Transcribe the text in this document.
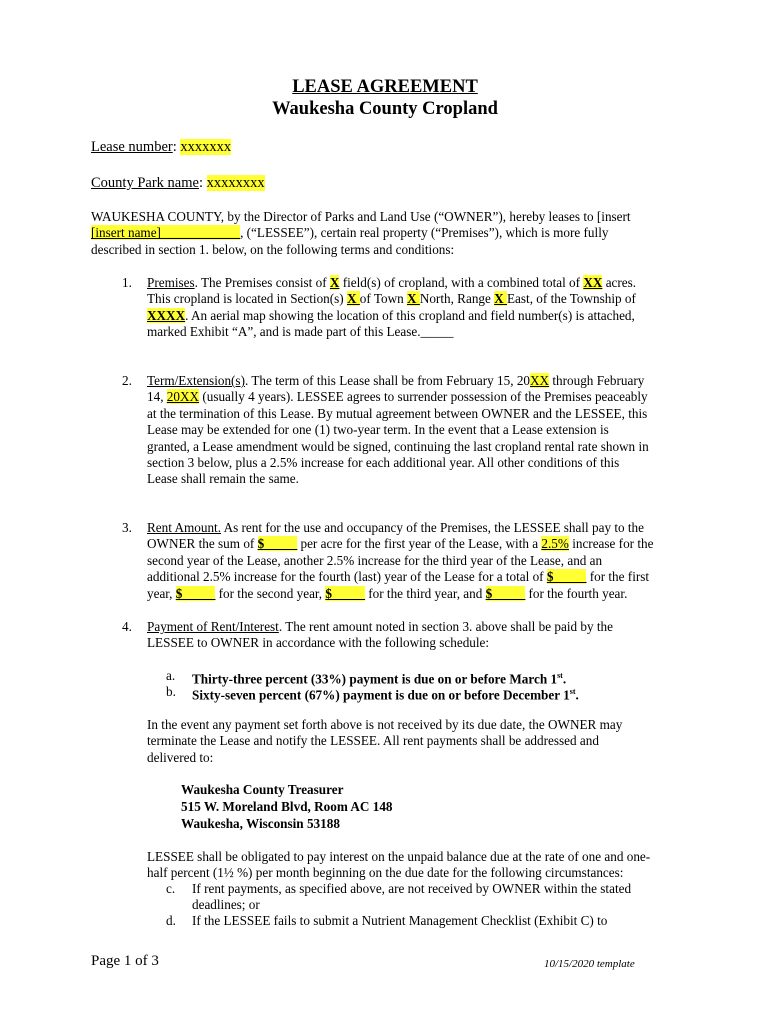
LEASE AGREEMENT
Waukesha County Cropland
Lease number: xxxxxxx
County Park name: xxxxxxxx
WAUKESHA COUNTY, by the Director of Parks and Land Use (“OWNER”), hereby leases to [insert
[insert name]____________, (“LESSEE”), certain real property (“Premises”), which is more fully
described in section 1. below, on the following terms and conditions:
1. Premises. The Premises consist of X field(s) of cropland, with a combined total of XX acres.
This cropland is located in Section(s) X of Town X North, Range X East, of the Township of
XXXX. An aerial map showing the location of this cropland and field number(s) is attached,
marked Exhibit “A”, and is made part of this Lease._____
2. Term/Extension(s). The term of this Lease shall be from February 15, 20XX through February
14, 20XX (usually 4 years). LESSEE agrees to surrender possession of the Premises peaceably
at the termination of this Lease. By mutual agreement between OWNER and the LESSEE, this
Lease may be extended for one (1) two-year term. In the event that a Lease extension is
granted, a Lease amendment would be signed, continuing the last cropland rental rate shown in
section 3 below, plus a 2.5% increase for each additional year. All other conditions of this
Lease shall remain the same.
3. Rent Amount. As rent for the use and occupancy of the Premises, the LESSEE shall pay to the
OWNER the sum of $_____ per acre for the first year of the Lease, with a 2.5% increase for the
second year of the Lease, another 2.5% increase for the third year of the Lease, and an
additional 2.5% increase for the fourth (last) year of the Lease for a total of $_____ for the first
year, $_____ for the second year, $_____ for the third year, and $_____ for the fourth year.
4. Payment of Rent/Interest. The rent amount noted in section 3. above shall be paid by the
LESSEE to OWNER in accordance with the following schedule:
a. Thirty-three percent (33%) payment is due on or before March 1st.
b. Sixty-seven percent (67%) payment is due on or before December 1st.
In the event any payment set forth above is not received by its due date, the OWNER may
terminate the Lease and notify the LESSEE. All rent payments shall be addressed and
delivered to:
Waukesha County Treasurer
515 W. Moreland Blvd, Room AC 148
Waukesha, Wisconsin 53188
LESSEE shall be obligated to pay interest on the unpaid balance due at the rate of one and one-
half percent (1½ %) per month beginning on the due date for the following circumstances:
c. If rent payments, as specified above, are not received by OWNER within the stated
deadlines; or
d. If the LESSEE fails to submit a Nutrient Management Checklist (Exhibit C) to
Page 1 of 3	10/15/2020 template
